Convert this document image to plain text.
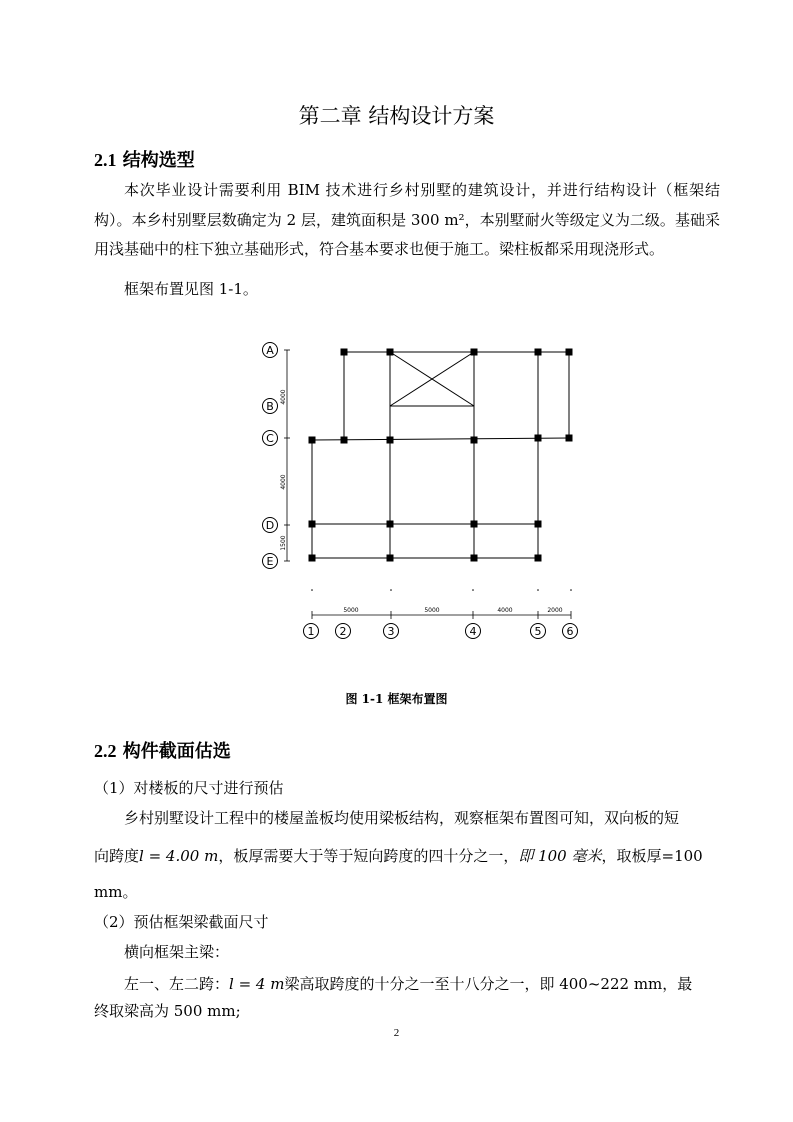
第二章 结构设计方案
2.1 结构选型
本次毕业设计需要利用 BIM 技术进行乡村别墅的建筑设计，并进行结构设计（框架结构）。本乡村别墅层数确定为 2 层，建筑面积是 300 m²，本别墅耐火等级定义为二级。基础采用浅基础中的柱下独立基础形式，符合基本要求也便于施工。梁柱板都采用现浇形式。
框架布置见图 1-1。
A
B
C
D
E
4000
4000
1500
5000	5000	4000	2000
1 2	3	4	5 6
图 1-1 框架布置图
2.2 构件截面估选
（1）对楼板的尺寸进行预估
乡村别墅设计工程中的楼屋盖板均使用梁板结构，观察框架布置图可知，双向板的短
向跨度l = 4.00 m，板厚需要大于等于短向跨度的四十分之一，即 100 毫米，取板厚=100
mm。
（2）预估框架梁截面尺寸
横向框架主梁：
左一、左二跨：l = 4 m梁高取跨度的十分之一至十八分之一，即 400~222 mm，最
终取梁高为 500 mm;
2
